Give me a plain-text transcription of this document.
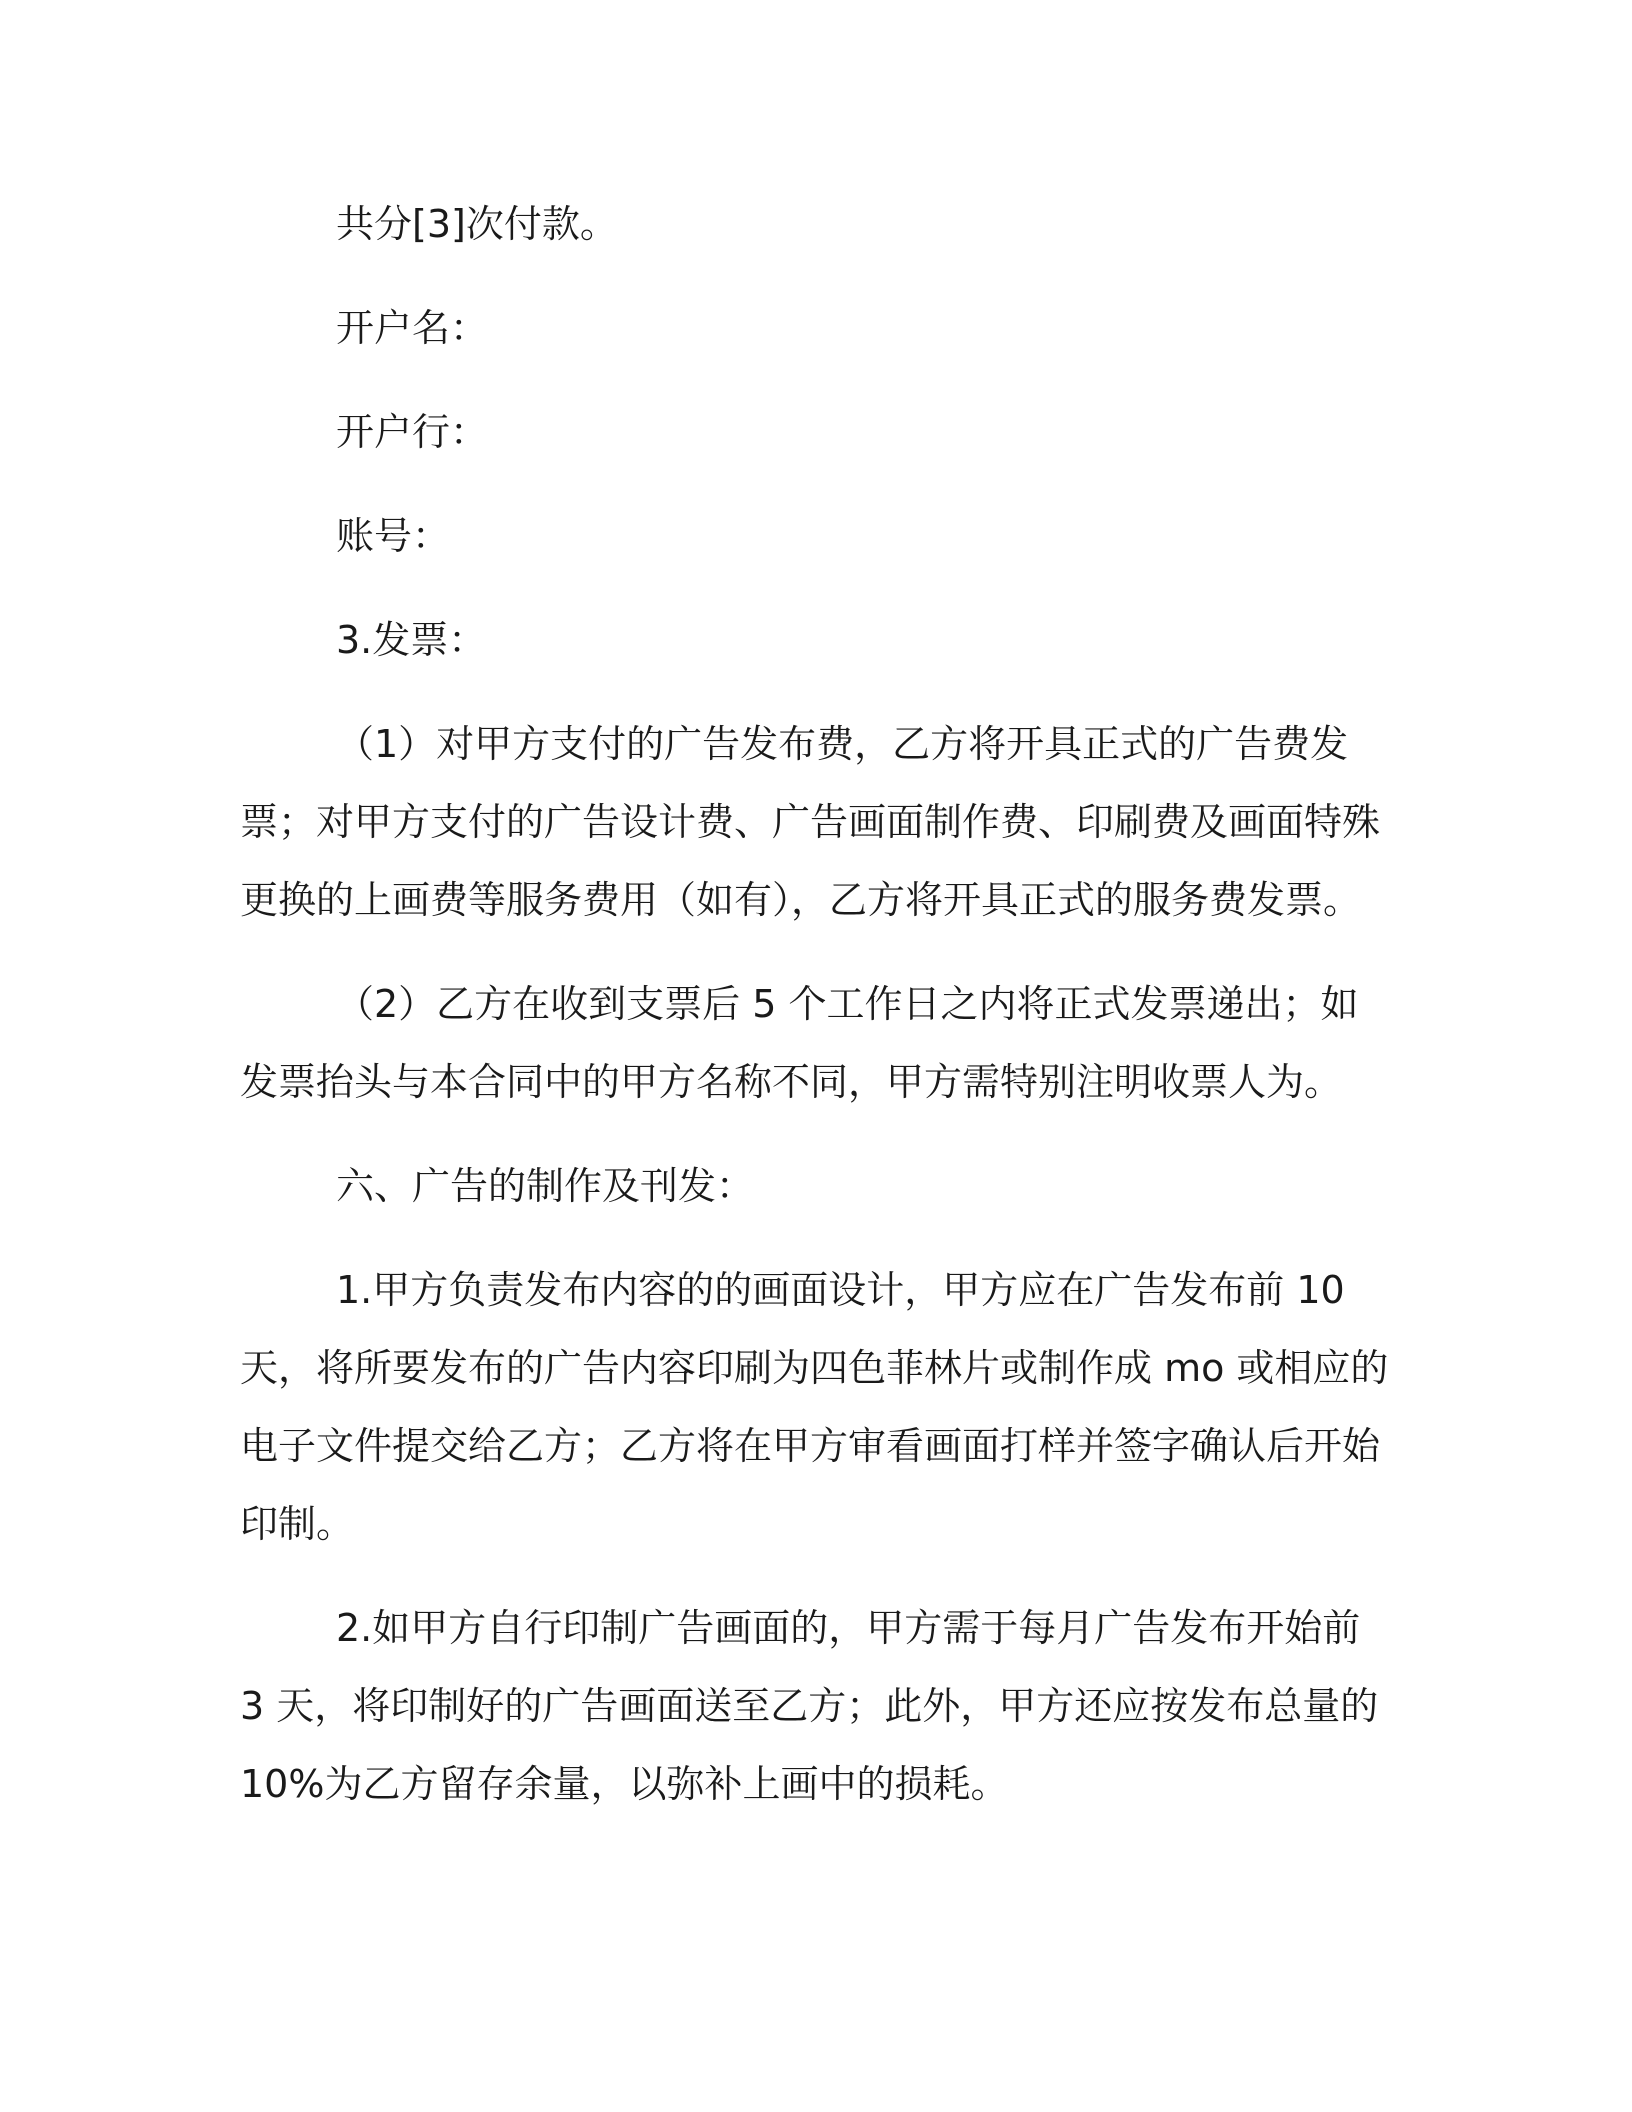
共分[3]次付款。

开户名：

开户行：

账号：

3.发票：

（1）对甲方支付的广告发布费，乙方将开具正式的广告费发票；对甲方支付的广告设计费、广告画面制作费、印刷费及画面特殊更换的上画费等服务费用（如有），乙方将开具正式的服务费发票。

（2）乙方在收到支票后 5 个工作日之内将正式发票递出；如发票抬头与本合同中的甲方名称不同，甲方需特别注明收票人为。

六、广告的制作及刊发：

1.甲方负责发布内容的的画面设计，甲方应在广告发布前 10 天，将所要发布的广告内容印刷为四色菲林片或制作成 mo 或相应的电子文件提交给乙方；乙方将在甲方审看画面打样并签字确认后开始印制。

2.如甲方自行印制广告画面的，甲方需于每月广告发布开始前 3 天，将印制好的广告画面送至乙方；此外，甲方还应按发布总量的 10%为乙方留存余量，以弥补上画中的损耗。
